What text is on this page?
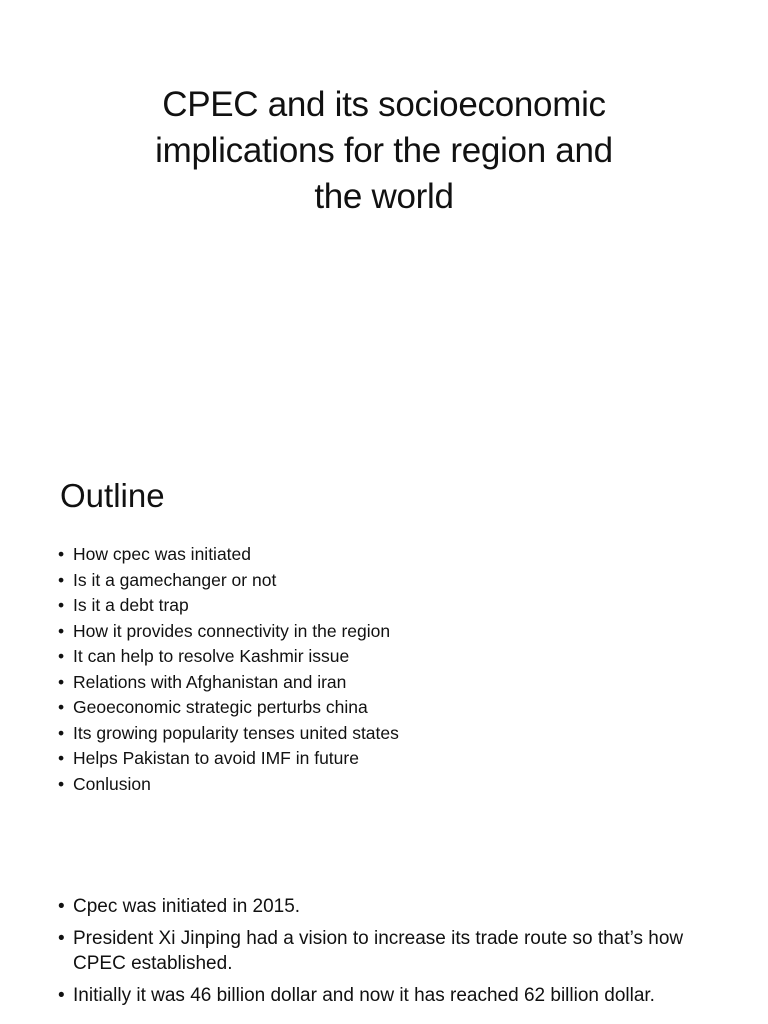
CPEC and its socioeconomic
implications for the region and
the world
Outline
• How cpec was initiated
• Is it a gamechanger or not
• Is it a debt trap
• How it provides connectivity in the region
• It can help to resolve Kashmir issue
• Relations with Afghanistan and iran
• Geoeconomic strategic perturbs china
• Its growing popularity tenses united states
• Helps Pakistan to avoid IMF in future
• Conlusion
• Cpec was initiated in 2015.
• President Xi Jinping had a vision to increase its trade route so that’s how CPEC established.
• Initially it was 46 billion dollar and now it has reached 62 billion dollar.
